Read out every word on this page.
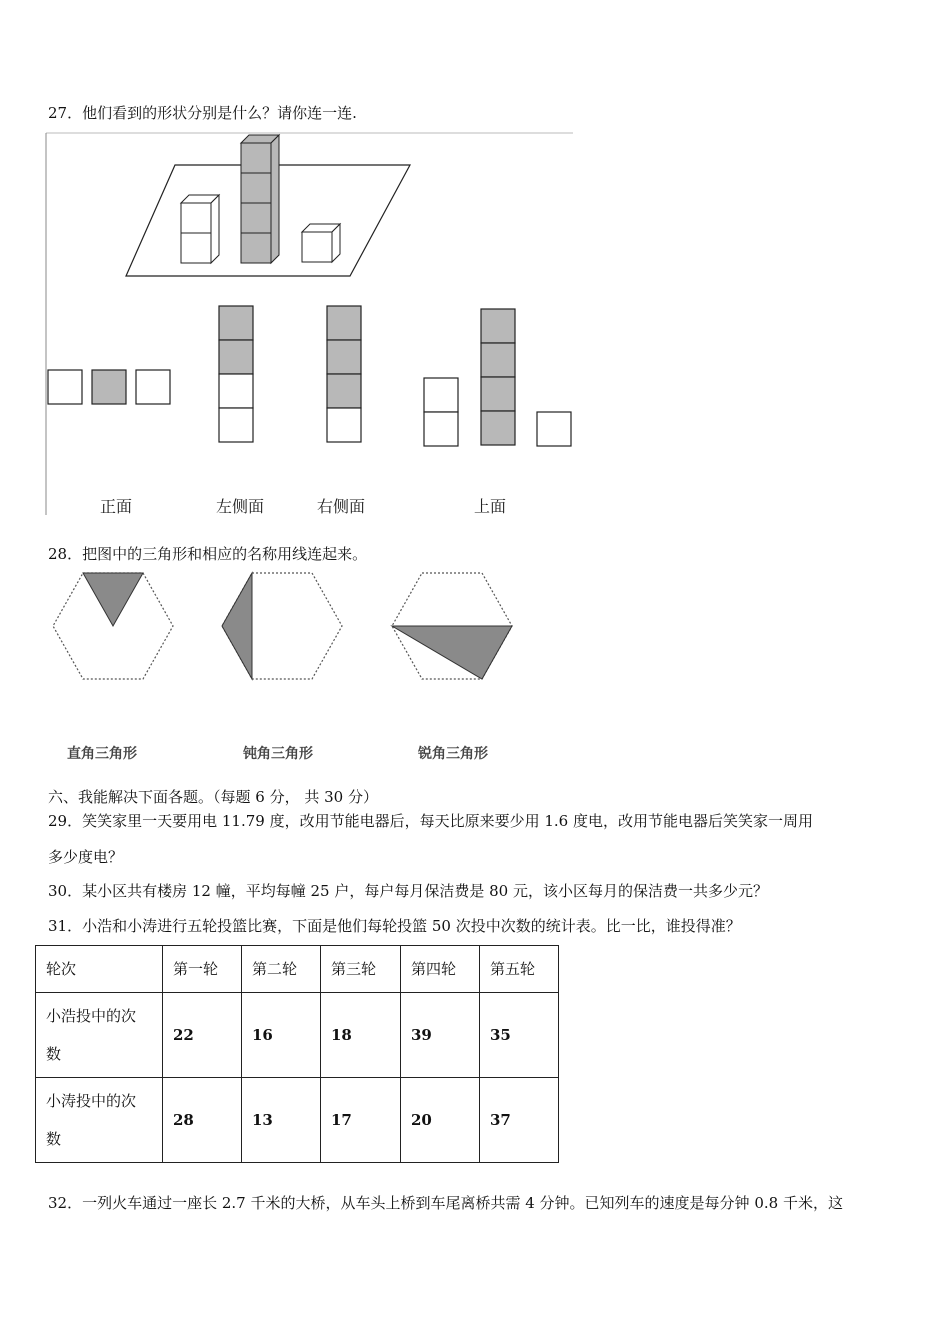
27．他们看到的形状分别是什么？请你连一连.
正面	左侧面	右侧面	上面
28．把图中的三角形和相应的名称用线连起来。
直角三角形	钝角三角形	锐角三角形
六、我能解决下面各题。（每题 6 分， 共 30 分）
29．笑笑家里一天要用电 11.79 度，改用节能电器后，每天比原来要少用 1.6 度电，改用节能电器后笑笑家一周用
多少度电？
30．某小区共有楼房 12 幢，平均每幢 25 户，每户每月保洁费是 80 元，该小区每月的保洁费一共多少元？
31．小浩和小涛进行五轮投篮比赛，下面是他们每轮投篮 50 次投中次数的统计表。比一比，谁投得准？
轮次	第一轮	第二轮	第三轮	第四轮	第五轮

小浩投中的次
数	22	16	18	39	35

小涛投中的次
数	28	13	17	20	37
32．一列火车通过一座长 2.7 千米的大桥，从车头上桥到车尾离桥共需 4 分钟。已知列车的速度是每分钟 0.8 千米，这
